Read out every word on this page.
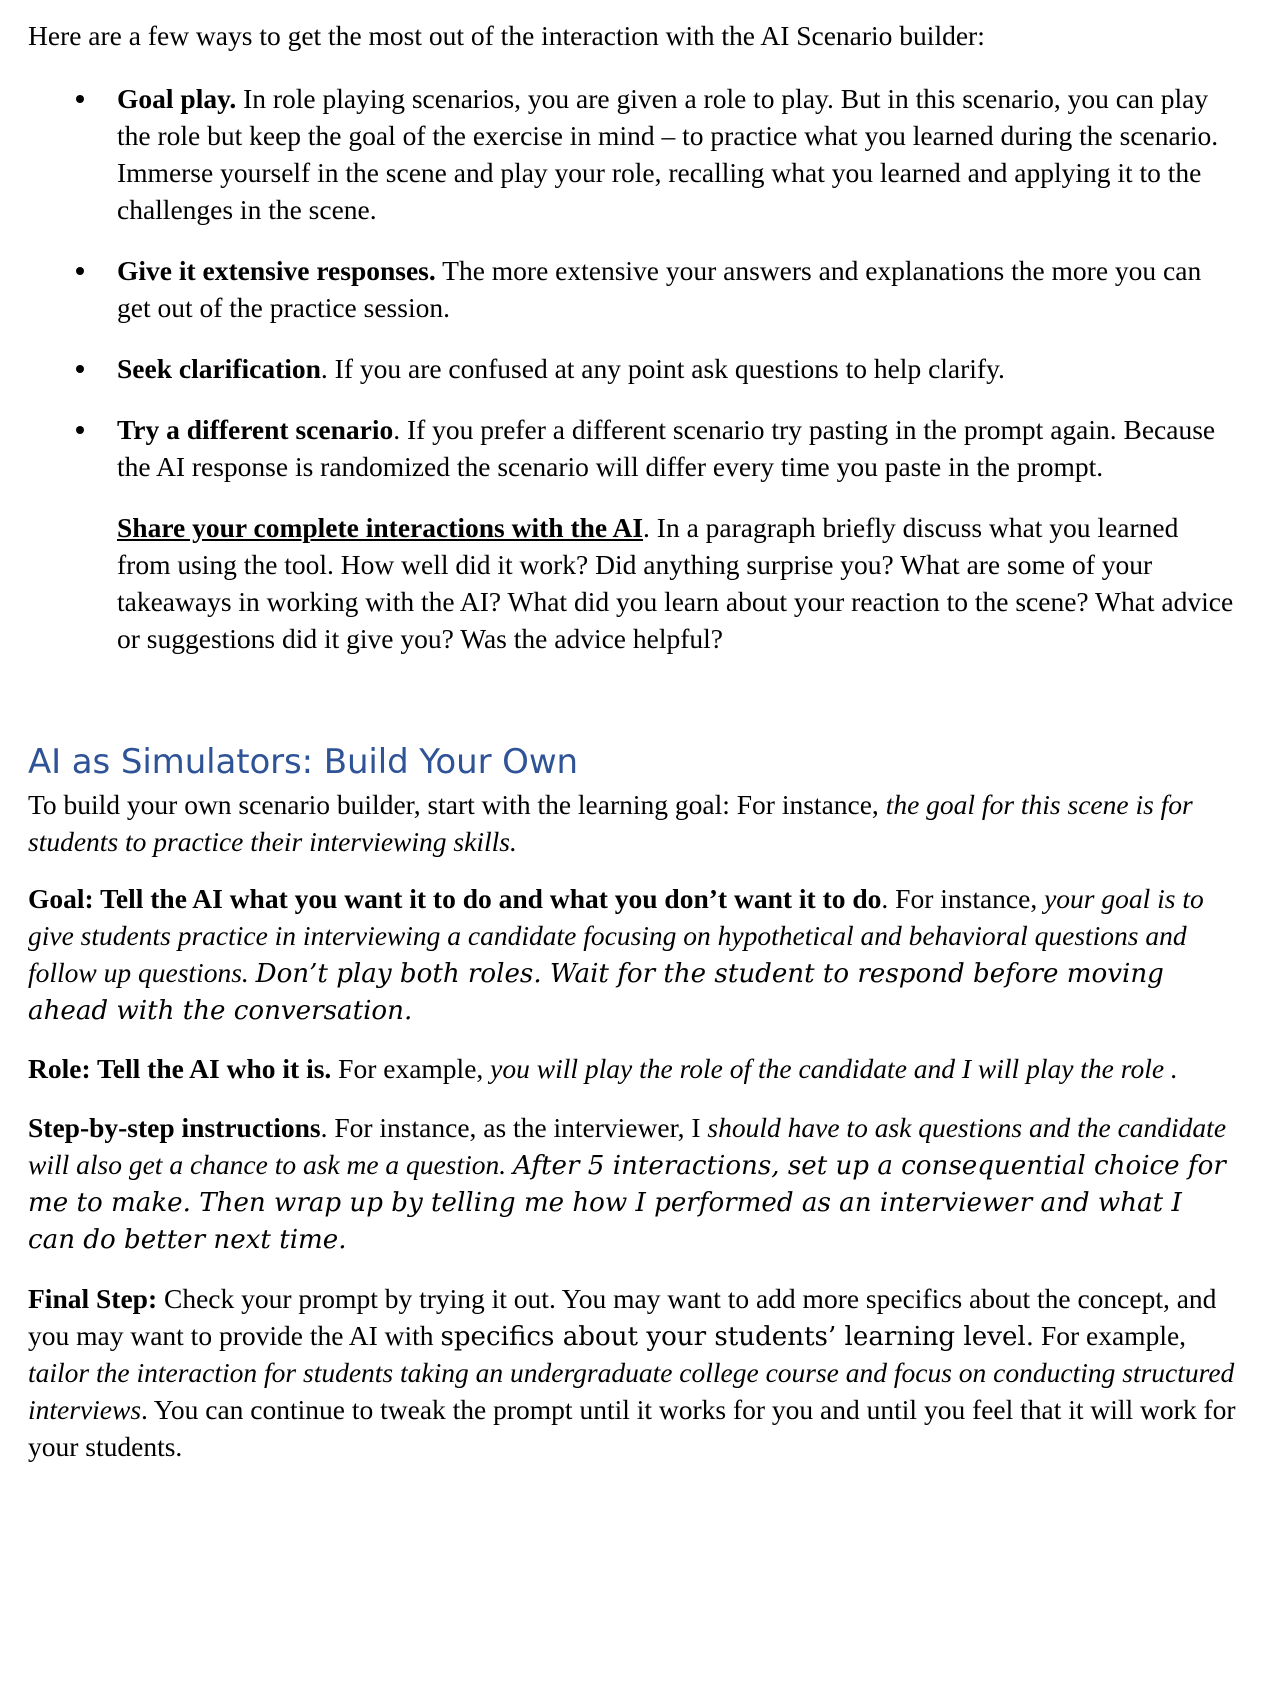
Here are a few ways to get the most out of the interaction with the AI Scenario builder:

Goal play. In role playing scenarios, you are given a role to play. But in this scenario, you can play the role but keep the goal of the exercise in mind – to practice what you learned during the scenario. Immerse yourself in the scene and play your role, recalling what you learned and applying it to the challenges in the scene.
Give it extensive responses. The more extensive your answers and explanations the more you can get out of the practice session.
Seek clarification. If you are confused at any point ask questions to help clarify.
Try a different scenario. If you prefer a different scenario try pasting in the prompt again. Because the AI response is randomized the scenario will differ every time you paste in the prompt.

Share your complete interactions with the AI. In a paragraph briefly discuss what you learned from using the tool. How well did it work? Did anything surprise you? What are some of your takeaways in working with the AI? What did you learn about your reaction to the scene? What advice or suggestions did it give you? Was the advice helpful?

AI as Simulators: Build Your Own

To build your own scenario builder, start with the learning goal: For instance, the goal for this scene is for students to practice their interviewing skills.

Goal: Tell the AI what you want it to do and what you don’t want it to do. For instance, your goal is to give students practice in interviewing a candidate focusing on hypothetical and behavioral questions and follow up questions. Don’t play both roles. Wait for the student to respond before moving ahead with the conversation.

Role: Tell the AI who it is. For example, you will play the role of the candidate and I will play the role .

Step-by-step instructions. For instance, as the interviewer, I should have to ask questions and the candidate will also get a chance to ask me a question. After 5 interactions, set up a consequential choice for me to make. Then wrap up by telling me how I performed as an interviewer and what I can do better next time.

Final Step: Check your prompt by trying it out. You may want to add more specifics about the concept, and you may want to provide the AI with specifics about your students’ learning level. For example, tailor the interaction for students taking an undergraduate college course and focus on conducting structured interviews. You can continue to tweak the prompt until it works for you and until you feel that it will work for your students.
